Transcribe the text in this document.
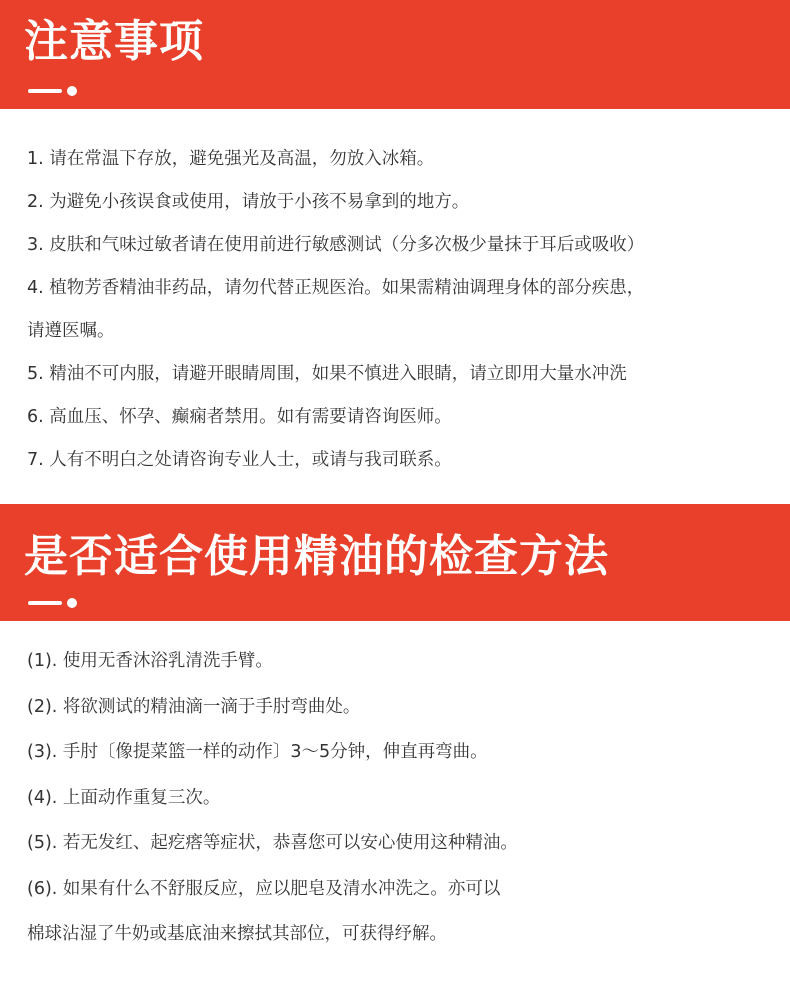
注意事项
1. 请在常温下存放，避免强光及高温，勿放入冰箱。
2. 为避免小孩误食或使用，请放于小孩不易拿到的地方。
3. 皮肤和气味过敏者请在使用前进行敏感测试（分多次极少量抹于耳后或吸收）
4. 植物芳香精油非药品，请勿代替正规医治。如果需精油调理身体的部分疾患，
请遵医嘱。
5. 精油不可内服，请避开眼睛周围，如果不慎进入眼睛，请立即用大量水冲洗
6. 高血压、怀孕、癫痫者禁用。如有需要请咨询医师。
7. 人有不明白之处请咨询专业人士，或请与我司联系。
是否适合使用精油的检查方法
(1). 使用无香沐浴乳清洗手臂。
(2). 将欲测试的精油滴一滴于手肘弯曲处。
(3). 手肘〔像提菜篮一样的动作〕3～5分钟，伸直再弯曲。
(4). 上面动作重复三次。
(5). 若无发红、起疙瘩等症状，恭喜您可以安心使用这种精油。
(6). 如果有什么不舒服反应，应以肥皂及清水冲洗之。亦可以
棉球沾湿了牛奶或基底油来擦拭其部位，可获得纾解。
